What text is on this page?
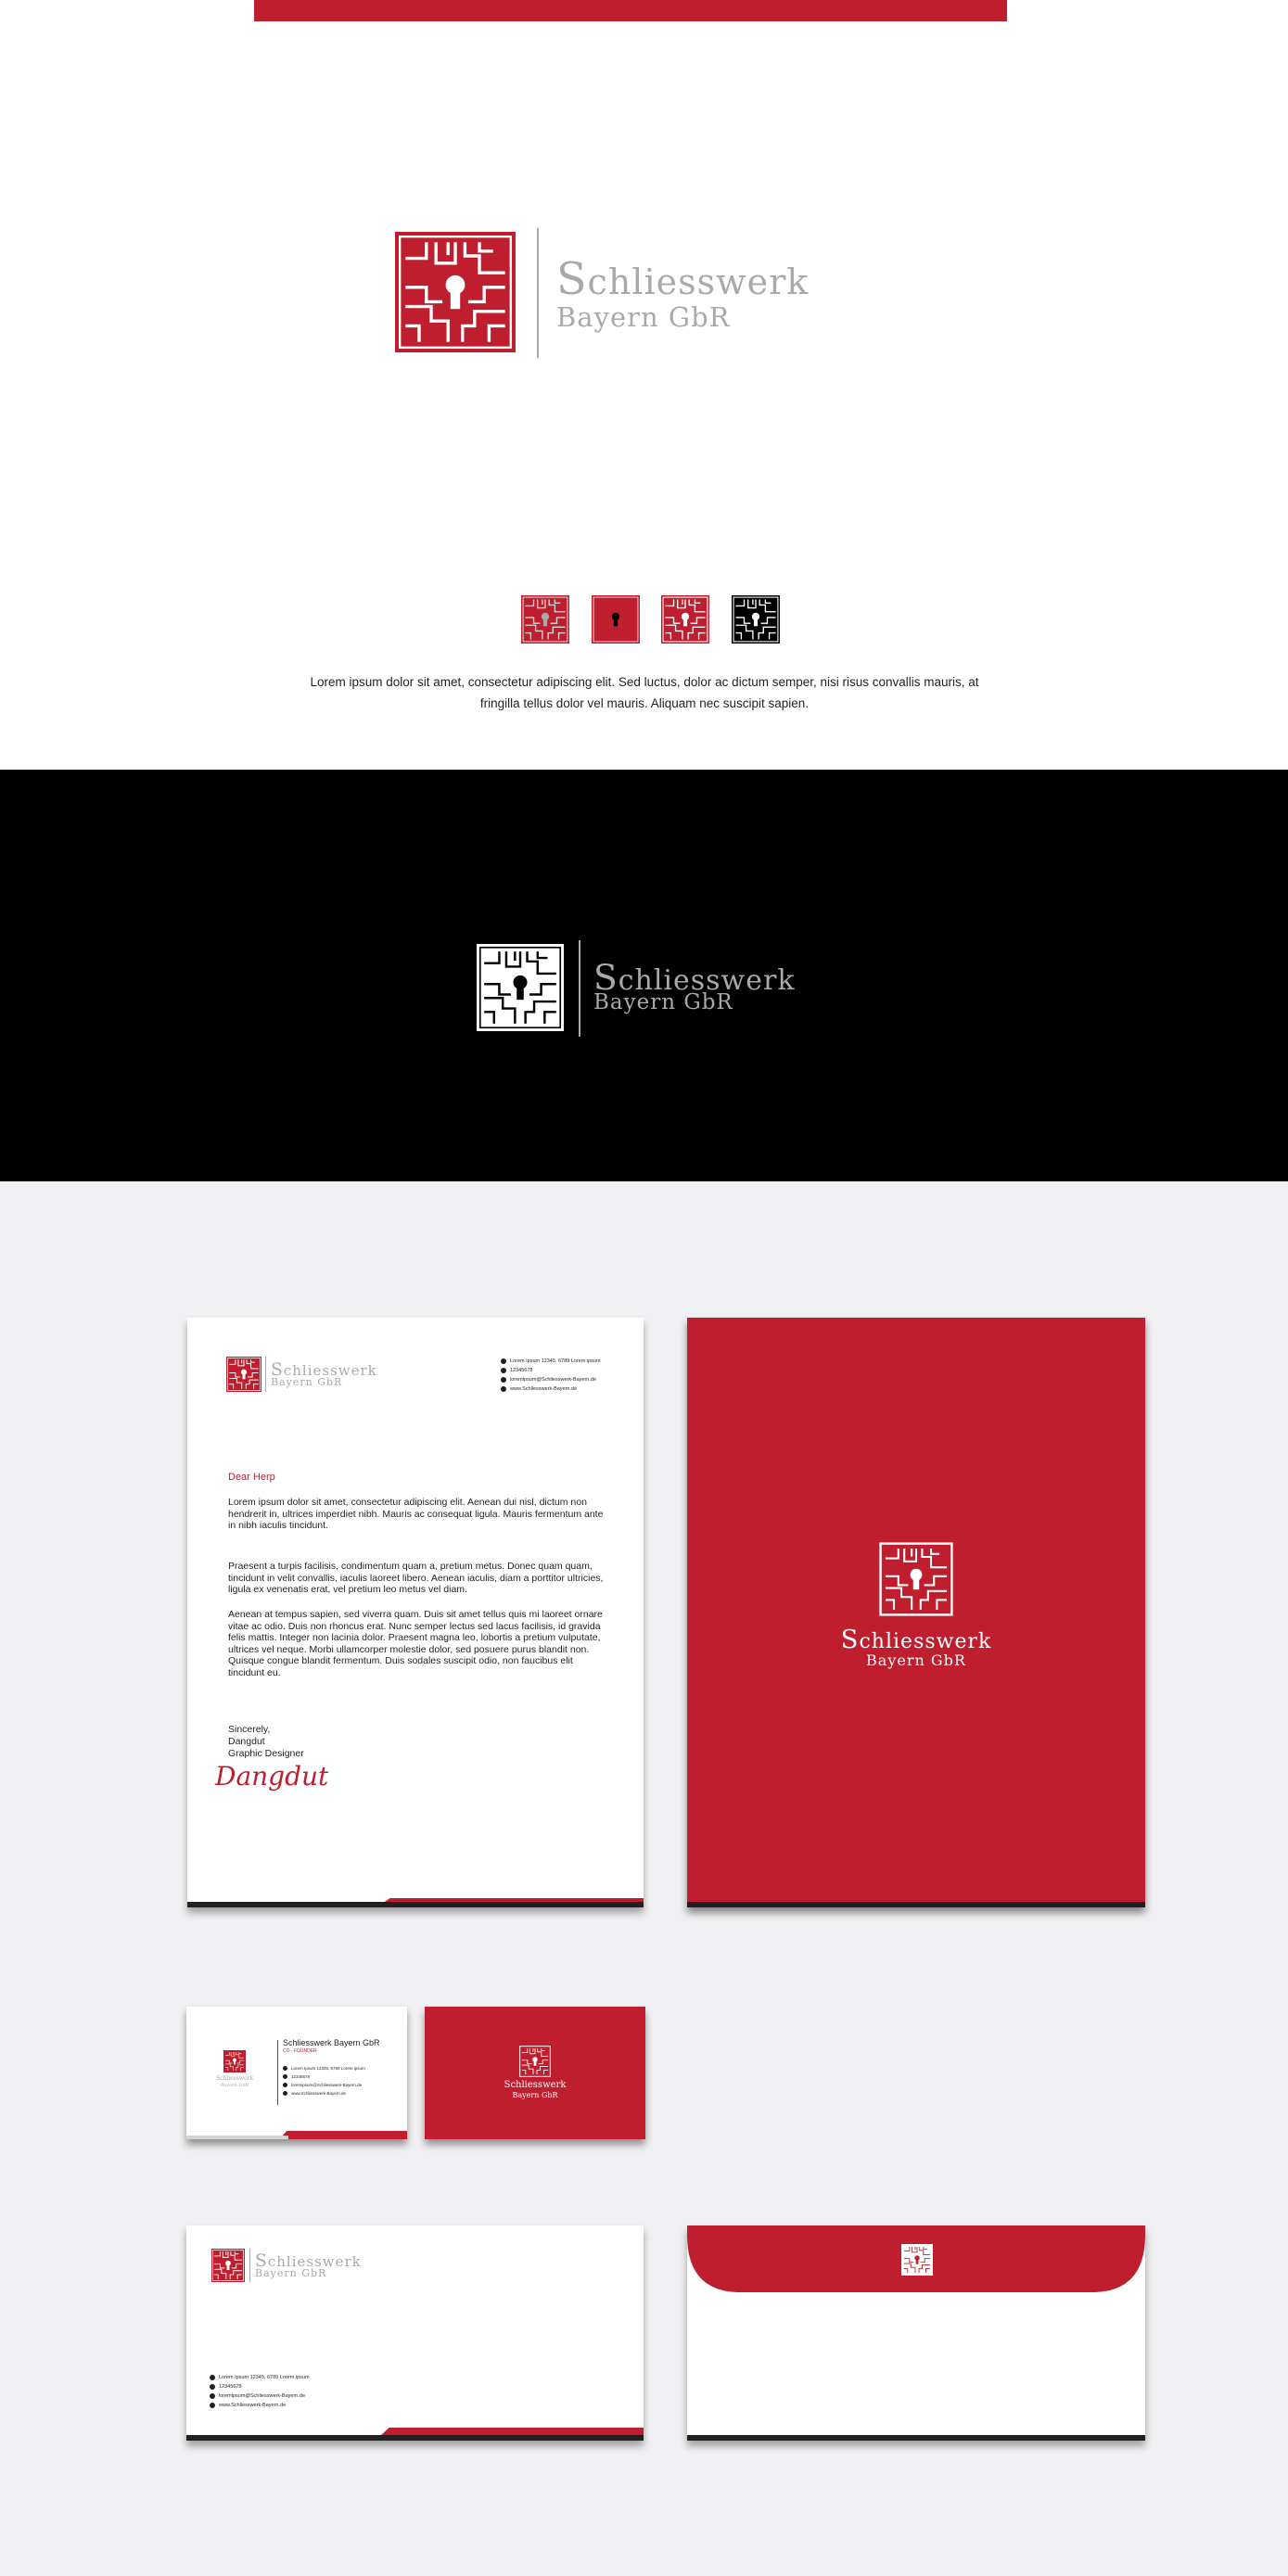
Schliesswerk
Bayern GbR
Lorem ipsum dolor sit amet, consectetur adipiscing elit. Sed luctus, dolor ac dictum semper, nisi risus convallis mauris, at fringilla tellus dolor vel mauris. Aliquam nec suscipit sapien.
Schliesswerk
Bayern GbR
Schliesswerk
Bayern GbR
Lorem Ipsum 12345, 6789 Lorem ipsum
12345678
loremipsum@Schliesswerk-Bayern.de
www.Schliesswerk-Bayern.de
Dear Herp
Lorem ipsum dolor sit amet, consectetur adipiscing elit. Aenean dui nisl, dictum non hendrerit in, ultrices imperdiet nibh. Mauris ac consequat ligula. Mauris fermentum ante in nibh iaculis tincidunt.
Praesent a turpis facilisis, condimentum quam a, pretium metus. Donec quam quam, tincidunt in velit convallis, iaculis laoreet libero. Aenean iaculis, diam a porttitor ultricies, ligula ex venenatis erat, vel pretium leo metus vel diam.
Aenean at tempus sapien, sed viverra quam. Duis sit amet tellus quis mi laoreet ornare vitae ac odio. Duis non rhoncus erat. Nunc semper lectus sed lacus facilisis, id gravida felis mattis. Integer non lacinia dolor. Praesent magna leo, lobortis a pretium vulputate, ultrices vel neque. Morbi ullamcorper molestie dolor, sed posuere purus blandit non. Quisque congue blandit fermentum. Duis sodales suscipit odio, non faucibus elit tincidunt eu.
Sincerely,
Dangdut
Graphic Designer
Dangdut
Schliesswerk
Bayern GbR
Schliesswerk
Bayern GbR
Schliesswerk Bayern GbR
CO - FOUNDER
Lorem Ipsum 12345, 6789 Lorem ipsum
12345678
loremipsum@Schliesswerk-Bayern.de
www.Schliesswerk-Bayern.de
Schliesswerk
Bayern GbR
Schliesswerk
Bayern GbR
Lorem Ipsum 12345, 6789 Lorem ipsum
12345678
loremipsum@Schliesswerk-Bayern.de
www.Schliesswerk-Bayern.de
